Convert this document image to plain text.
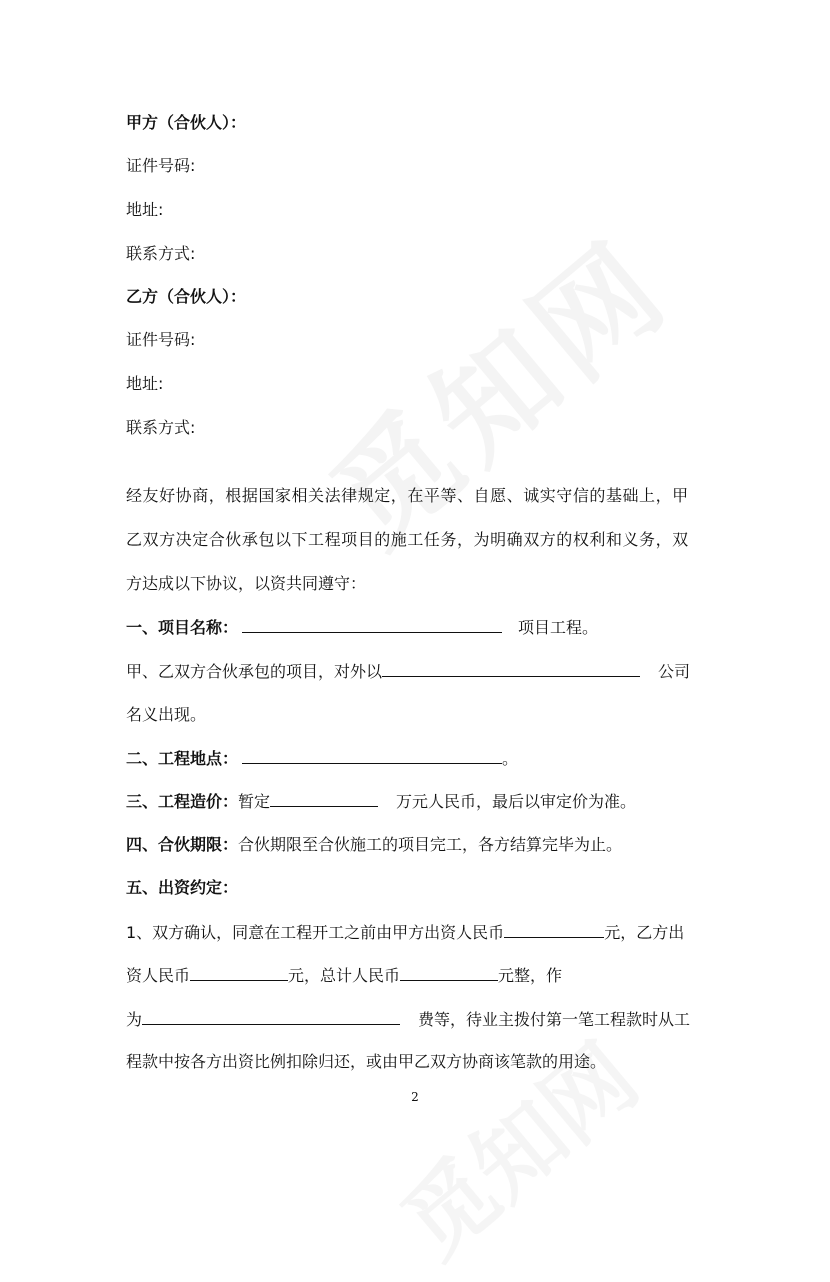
甲方（合伙人）：
证件号码:
地址:
联系方式:
乙方（合伙人）：
证件号码:
地址:
联系方式:
经友好协商，根据国家相关法律规定，在平等、自愿、诚实守信的基础上，甲
乙双方决定合伙承包以下工程项目的施工任务，为明确双方的权利和义务，双
方达成以下协议，以资共同遵守：
一、项目名称：	项目工程。
甲、乙双方合伙承包的项目，对外以	公司
名义出现。
二、工程地点：	。
三、工程造价：暂定	万元人民币，最后以审定价为准。
四、合伙期限：合伙期限至合伙施工的项目完工，各方结算完毕为止。
五、出资约定：
1、双方确认，同意在工程开工之前由甲方出资人民币	元，乙方出
资人民币	元，总计人民币	元整，作
为	费等，待业主拨付第一笔工程款时从工
程款中按各方出资比例扣除归还，或由甲乙双方协商该笔款的用途。
2
